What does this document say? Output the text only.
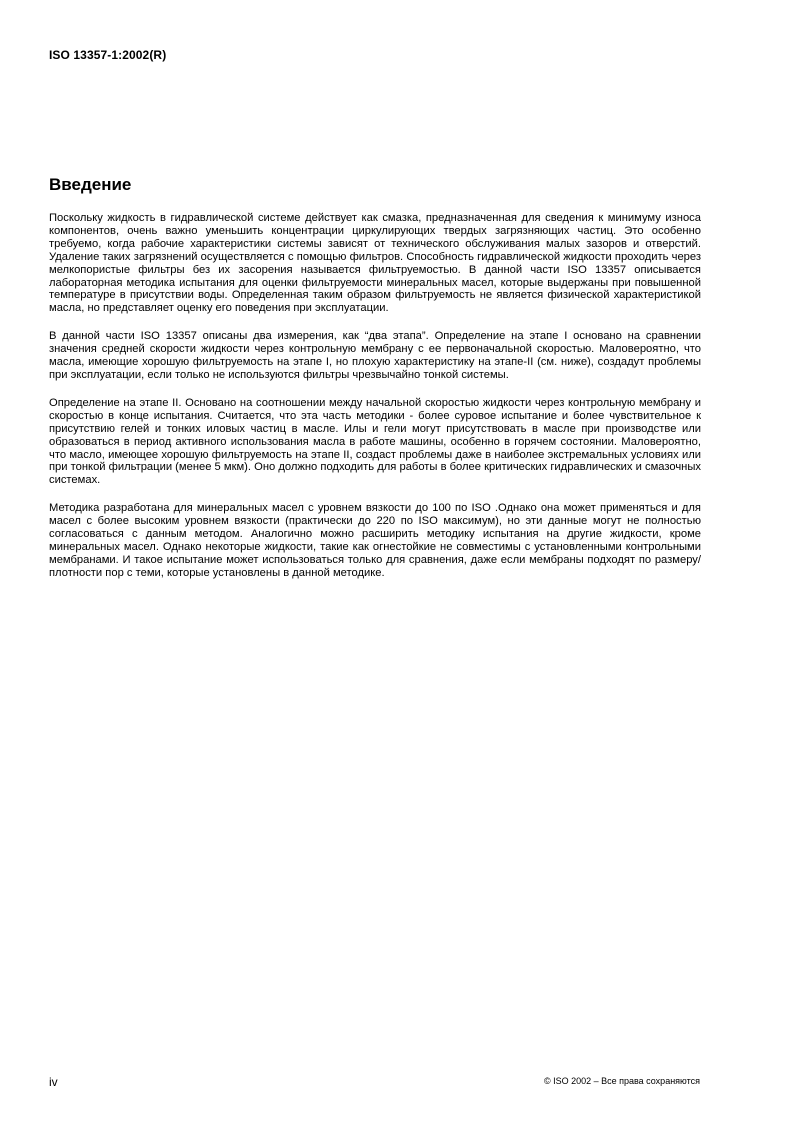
ISO 13357-1:2002(R)
Введение

Поскольку жидкость в гидравлической системе действует как смазка, предназначенная для сведения к минимуму износа компонентов, очень важно уменьшить концентрации циркулирующих твердых загрязняющих частиц. Это особенно требуемо, когда рабочие характеристики системы зависят от технического обслуживания малых зазоров и отверстий. Удаление таких загрязнений осуществляется с помощью фильтров. Способность гидравлической жидкости проходить через мелкопористые фильтры без их засорения называется фильтруемостью. В данной части ISO 13357 описывается лабораторная методика испытания для оценки фильтруемости минеральных масел, которые выдержаны при повышенной температуре в присутствии воды. Определенная таким образом фильтруемость не является физической характеристикой масла, но представляет оценку его поведения при эксплуатации.

В данной части ISO 13357 описаны два измерения, как “два этапа”. Определение на этапе I основано на сравнении значения средней скорости жидкости через контрольную мембрану с ее первоначальной скоростью. Маловероятно, что масла, имеющие хорошую фильтруемость на этапе I, но плохую характеристику на этапе-II (см. ниже), создадут проблемы при эксплуатации, если только не используются фильтры чрезвычайно тонкой системы.

Определение на этапе II. Основано на соотношении между начальной скоростью жидкости через контрольную мембрану и скоростью в конце испытания. Считается, что эта часть методики - более суровое испытание и более чувствительное к присутствию гелей и тонких иловых частиц в масле. Илы и гели могут присутствовать в масле при производстве или образоваться в период активного использования масла в работе машины, особенно в горячем состоянии. Маловероятно, что масло, имеющее хорошую фильтруемость на этапе II, создаст проблемы даже в наиболее экстремальных условиях или при тонкой фильтрации (менее 5 мкм). Оно должно подходить для работы в более критических гидравлических и смазочных системах.

Методика разработана для минеральных масел с уровнем вязкости до 100 по ISO .Однако она может применяться и для масел с более высоким уровнем вязкости (практически до 220 по ISO максимум), но эти данные могут не полностью согласоваться с данным методом. Аналогично можно расширить методику испытания на другие жидкости, кроме минеральных масел. Однако некоторые жидкости, такие как огнестойкие не совместимы с установленными контрольными мембранами. И такое испытание может использоваться только для сравнения, даже если мембраны подходят по размеру/плотности пор с теми, которые установлены в данной методике.

iv	© ISO 2002 – Все права сохраняются
